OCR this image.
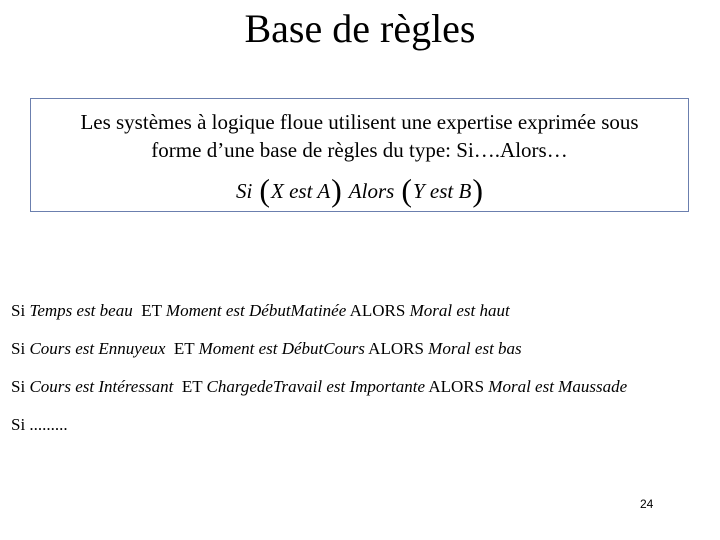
Base de règles
Les systèmes à logique floue utilisent une expertise exprimée sous
forme d’une base de règles du type: Si….Alors…
Si (X est A) Alors (Y est B)
Si Temps est beau ET Moment est DébutMatinée ALORS Moral est haut
Si Cours est Ennuyeux ET Moment est DébutCours ALORS Moral est bas
Si Cours est Intéressant ET ChargedeTravail est Importante ALORS Moral est Maussade
Si .........
24
